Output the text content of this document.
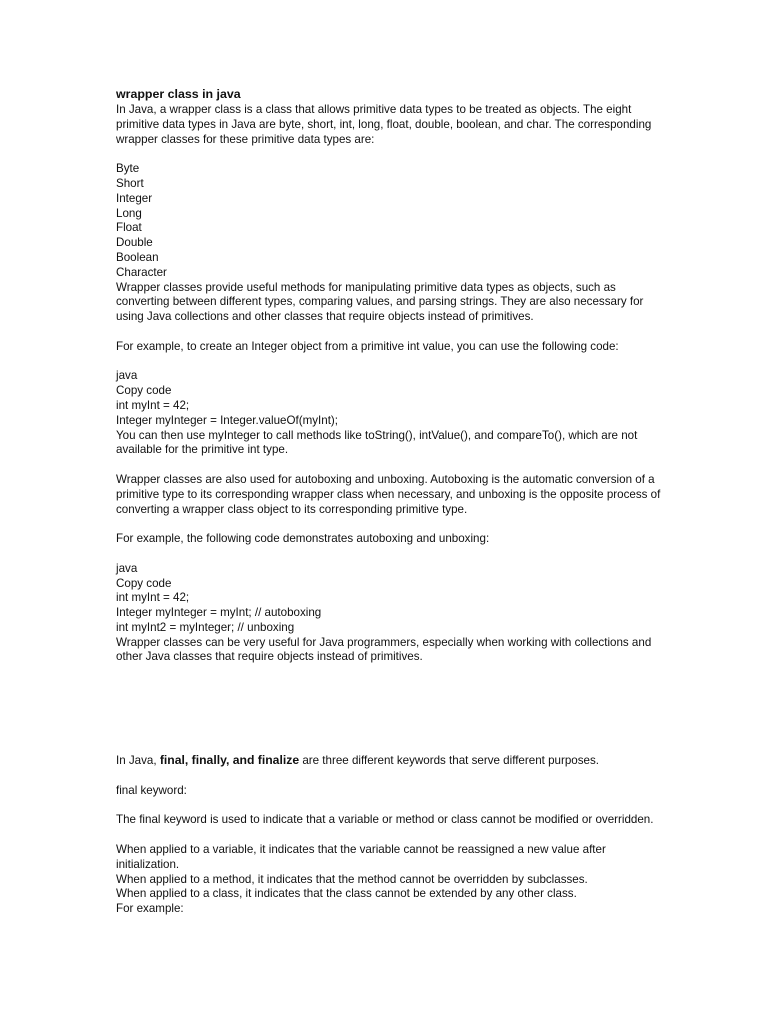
wrapper class in java

In Java, a wrapper class is a class that allows primitive data types to be treated as objects. The eight primitive data types in Java are byte, short, int, long, float, double, boolean, and char. The corresponding wrapper classes for these primitive data types are:

Byte
Short
Integer
Long
Float
Double
Boolean
Character

Wrapper classes provide useful methods for manipulating primitive data types as objects, such as converting between different types, comparing values, and parsing strings. They are also necessary for using Java collections and other classes that require objects instead of primitives.

For example, to create an Integer object from a primitive int value, you can use the following code:

java
Copy code
int myInt = 42;
Integer myInteger = Integer.valueOf(myInt);

You can then use myInteger to call methods like toString(), intValue(), and compareTo(), which are not available for the primitive int type.

Wrapper classes are also used for autoboxing and unboxing. Autoboxing is the automatic conversion of a primitive type to its corresponding wrapper class when necessary, and unboxing is the opposite process of converting a wrapper class object to its corresponding primitive type.

For example, the following code demonstrates autoboxing and unboxing:

java
Copy code
int myInt = 42;
Integer myInteger = myInt; // autoboxing
int myInt2 = myInteger; // unboxing

Wrapper classes can be very useful for Java programmers, especially when working with collections and other Java classes that require objects instead of primitives.

In Java, final, finally, and finalize are three different keywords that serve different purposes.

final keyword:

The final keyword is used to indicate that a variable or method or class cannot be modified or overridden.

When applied to a variable, it indicates that the variable cannot be reassigned a new value after initialization.

When applied to a method, it indicates that the method cannot be overridden by subclasses.

When applied to a class, it indicates that the class cannot be extended by any other class.

For example:
